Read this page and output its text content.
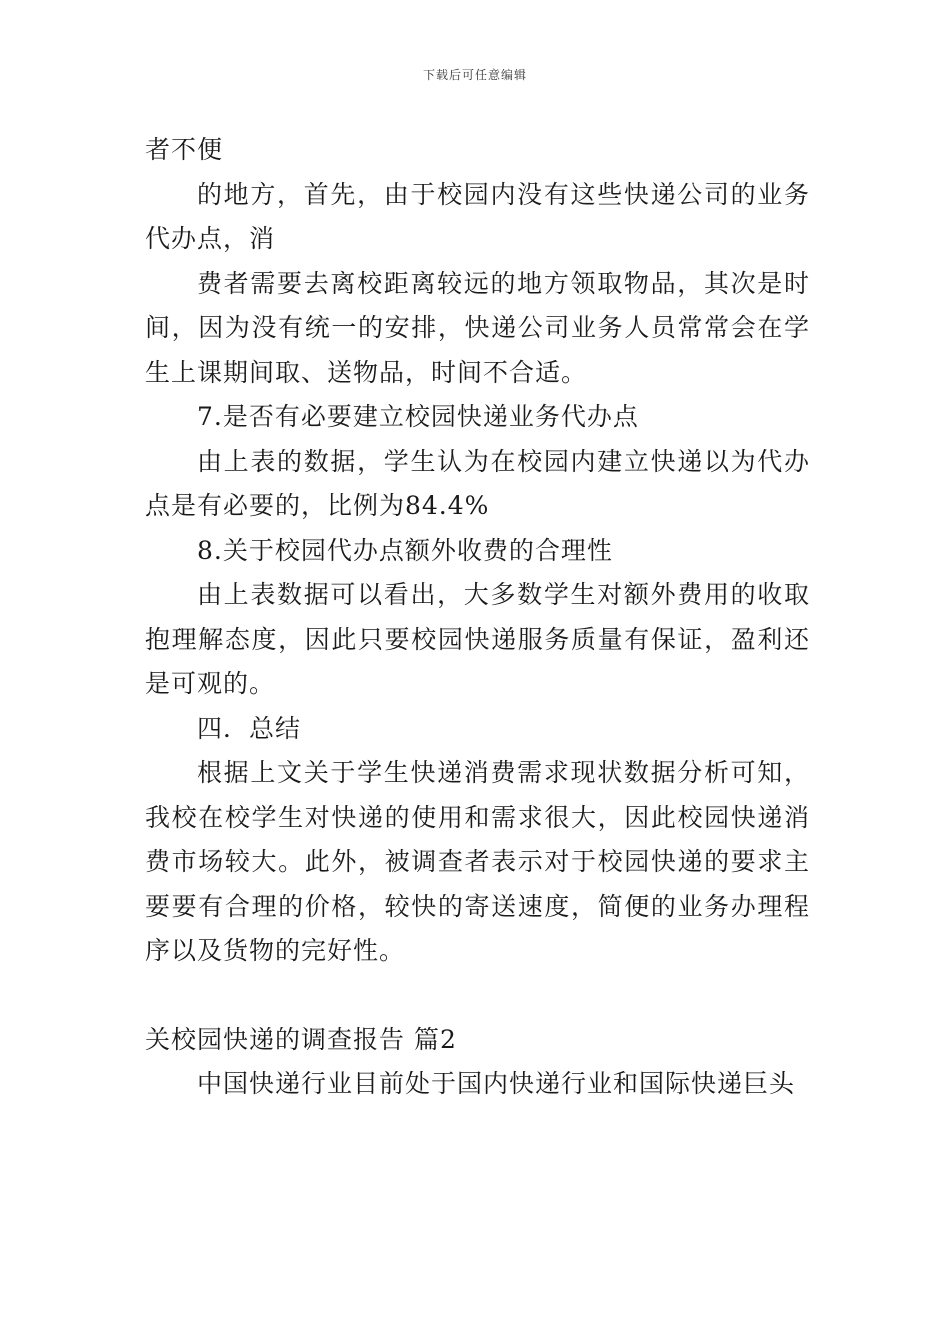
下载后可任意编辑

者不便

的地方，首先，由于校园内没有这些快递公司的业务代办点，消

费者需要去离校距离较远的地方领取物品，其次是时间，因为没有统一的安排，快递公司业务人员常常会在学生上课期间取、送物品，时间不合适。

7.是否有必要建立校园快递业务代办点

由上表的数据，学生认为在校园内建立快递以为代办点是有必要的，比例为84.4%

8.关于校园代办点额外收费的合理性

由上表数据可以看出，大多数学生对额外费用的收取抱理解态度，因此只要校园快递服务质量有保证，盈利还是可观的。

四．总结

根据上文关于学生快递消费需求现状数据分析可知，我校在校学生对快递的使用和需求很大，因此校园快递消费市场较大。此外，被调查者表示对于校园快递的要求主要要有合理的价格，较快的寄送速度，简便的业务办理程序以及货物的完好性。

关校园快递的调查报告 篇2

中国快递行业目前处于国内快递行业和国际快递巨头
